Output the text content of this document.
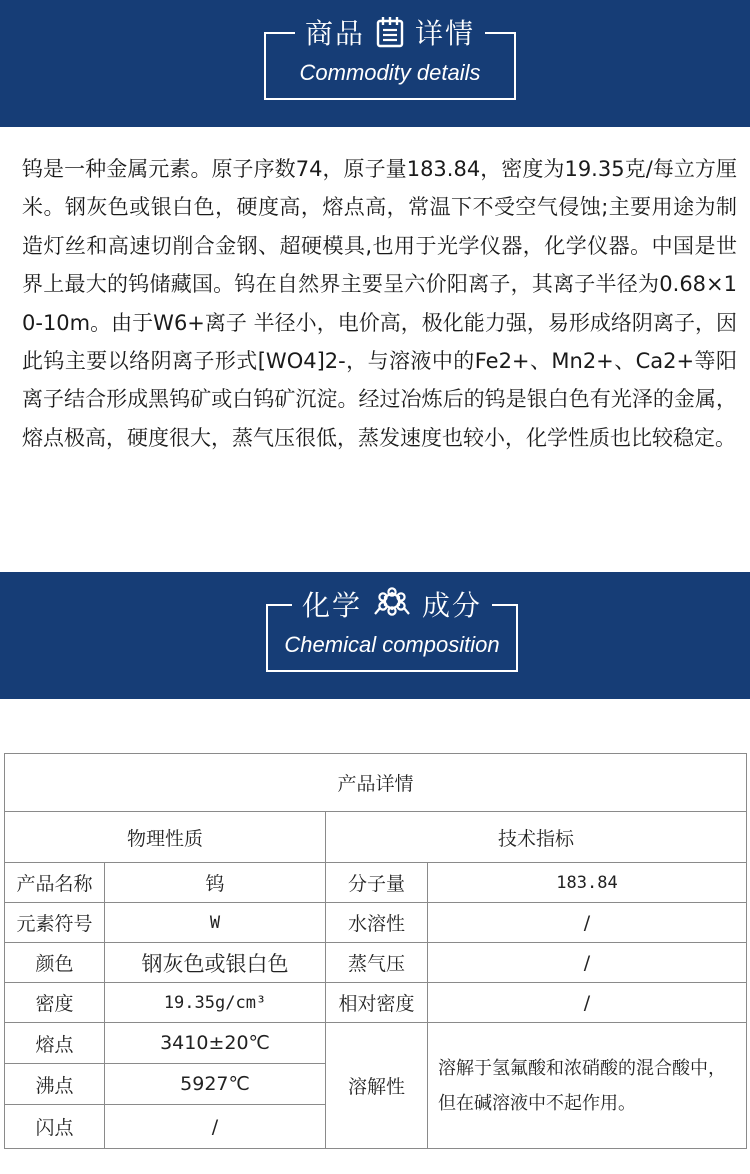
商品 详情
Commodity details
钨是一种金属元素。原子序数74，原子量183.84，密度为19.35克/每立方厘米。钢灰色或银白色，硬度高，熔点高，常温下不受空气侵蚀;主要用途为制造灯丝和高速切削合金钢、超硬模具,也用于光学仪器，化学仪器。中国是世界上最大的钨储藏国。钨在自然界主要呈六价阳离子，其离子半径为0.68×10-10m。由于W6+离子 半径小，电价高，极化能力强，易形成络阴离子，因此钨主要以络阴离子形式[WO4]2-，与溶液中的Fe2+、Mn2+、Ca2+等阳离子结合形成黑钨矿或白钨矿沉淀。经过冶炼后的钨是银白色有光泽的金属，熔点极高，硬度很大，蒸气压很低，蒸发速度也较小，化学性质也比较稳定。
化学 成分
Chemical composition
产品详情			
物理性质		技术指标	
产品名称	钨	分子量	183.84
元素符号	W	水溶性	/
颜色	钢灰色或银白色	蒸气压	/
密度	19.35g/cm³	相对密度	/
熔点	3410±20℃	溶解性	溶解于氢氟酸和浓硝酸的混合酸中，但在碱溶液中不起作用。
沸点	5927℃		
闪点	/		
